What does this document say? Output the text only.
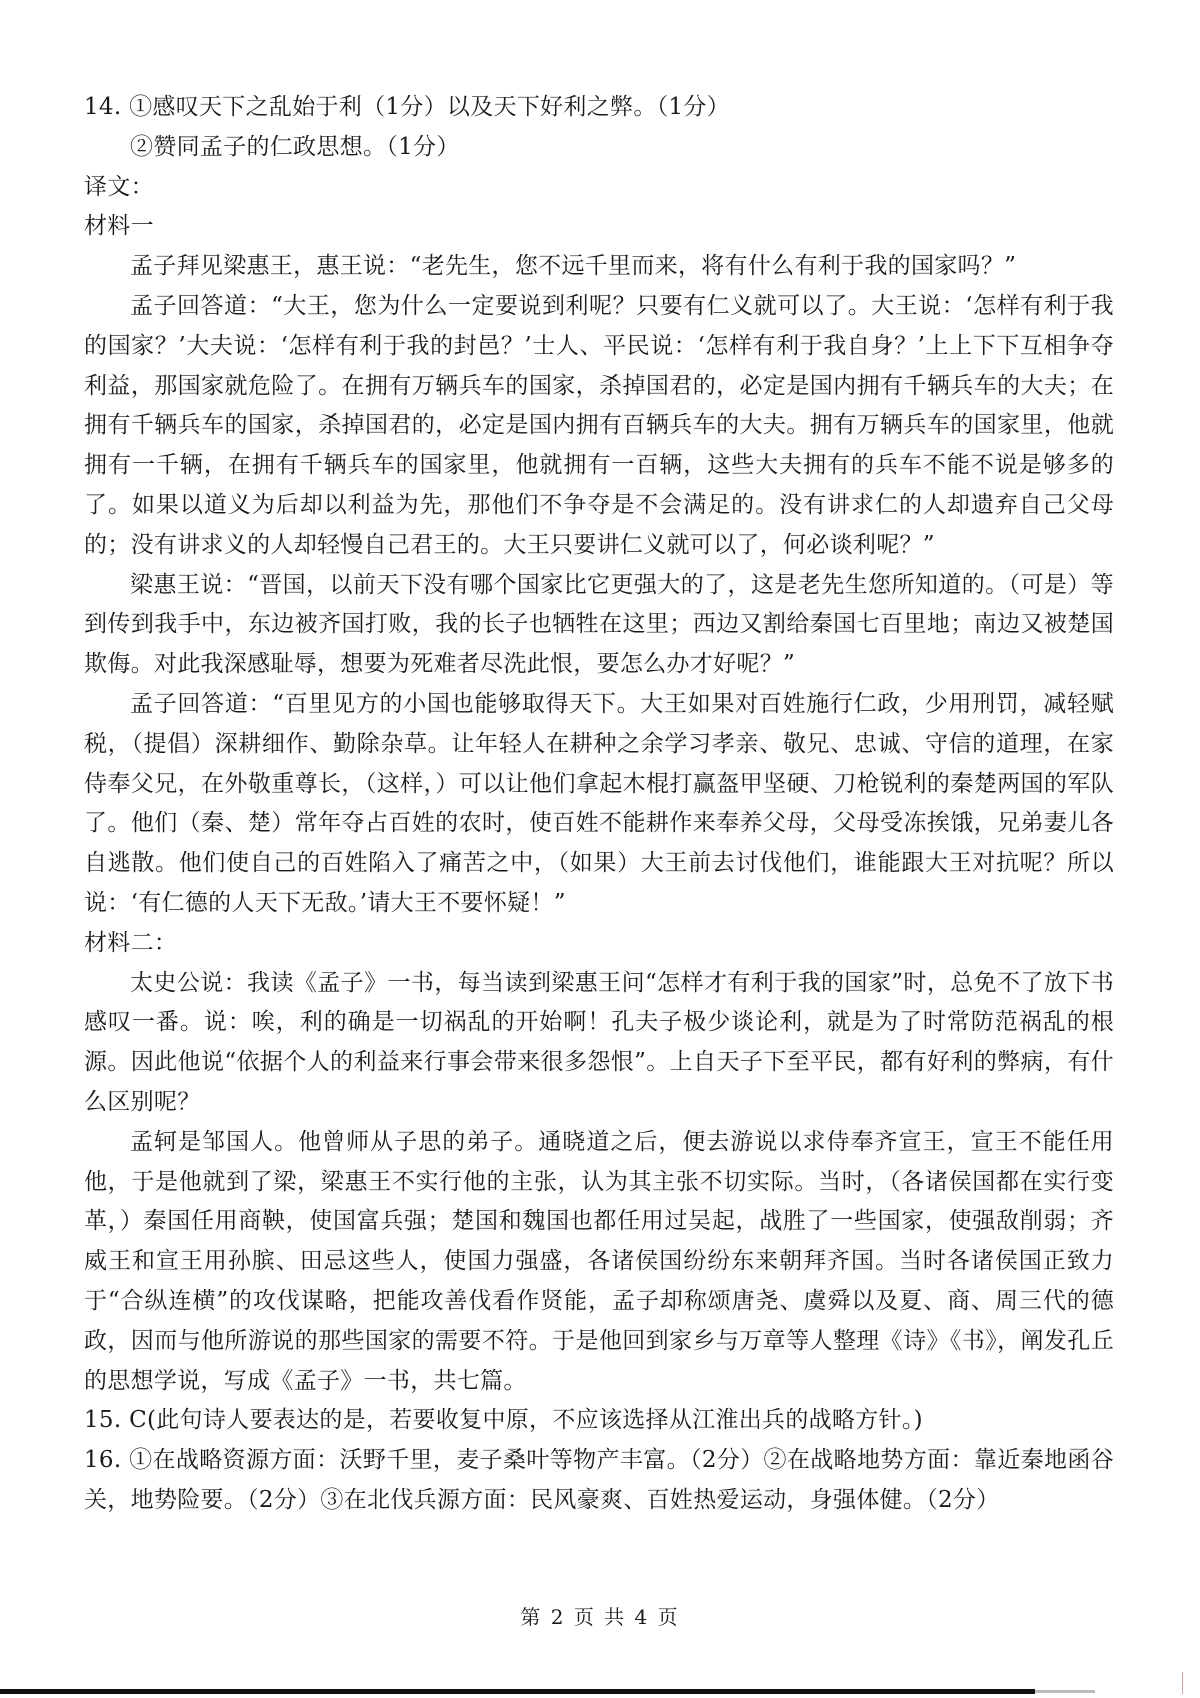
14. ①感叹天下之乱始于利（1分）以及天下好利之弊。（1分）
②赞同孟子的仁政思想。（1分）
译文：
材料一
孟子拜见梁惠王，惠王说：“老先生，您不远千里而来，将有什么有利于我的国家吗？”
孟子回答道：“大王，您为什么一定要说到利呢？只要有仁义就可以了。大王说：‘怎样有利于我的国家？’大夫说：‘怎样有利于我的封邑？’士人、平民说：‘怎样有利于我自身？’上上下下互相争夺利益，那国家就危险了。在拥有万辆兵车的国家，杀掉国君的，必定是国内拥有千辆兵车的大夫；在拥有千辆兵车的国家，杀掉国君的，必定是国内拥有百辆兵车的大夫。拥有万辆兵车的国家里，他就拥有一千辆，在拥有千辆兵车的国家里，他就拥有一百辆，这些大夫拥有的兵车不能不说是够多的了。如果以道义为后却以利益为先，那他们不争夺是不会满足的。没有讲求仁的人却遗弃自己父母的；没有讲求义的人却轻慢自己君王的。大王只要讲仁义就可以了，何必谈利呢？”
梁惠王说：“晋国，以前天下没有哪个国家比它更强大的了，这是老先生您所知道的。（可是）等到传到我手中，东边被齐国打败，我的长子也牺牲在这里；西边又割给秦国七百里地；南边又被楚国欺侮。对此我深感耻辱，想要为死难者尽洗此恨，要怎么办才好呢？”
孟子回答道：“百里见方的小国也能够取得天下。大王如果对百姓施行仁政，少用刑罚，减轻赋税，（提倡）深耕细作、勤除杂草。让年轻人在耕种之余学习孝亲、敬兄、忠诚、守信的道理，在家侍奉父兄，在外敬重尊长，（这样，）可以让他们拿起木棍打赢盔甲坚硬、刀枪锐利的秦楚两国的军队了。他们（秦、楚）常年夺占百姓的农时，使百姓不能耕作来奉养父母，父母受冻挨饿，兄弟妻儿各自逃散。他们使自己的百姓陷入了痛苦之中，（如果）大王前去讨伐他们，谁能跟大王对抗呢？所以说：‘有仁德的人天下无敌。’请大王不要怀疑！”
材料二：
太史公说：我读《孟子》一书，每当读到梁惠王问“怎样才有利于我的国家”时，总免不了放下书感叹一番。说：唉，利的确是一切祸乱的开始啊！孔夫子极少谈论利，就是为了时常防范祸乱的根源。因此他说“依据个人的利益来行事会带来很多怨恨”。上自天子下至平民，都有好利的弊病，有什么区别呢？
孟轲是邹国人。他曾师从子思的弟子。通晓道之后，便去游说以求侍奉齐宣王，宣王不能任用他，于是他就到了梁，梁惠王不实行他的主张，认为其主张不切实际。当时，（各诸侯国都在实行变革，）秦国任用商鞅，使国富兵强；楚国和魏国也都任用过吴起，战胜了一些国家，使强敌削弱；齐威王和宣王用孙膑、田忌这些人，使国力强盛，各诸侯国纷纷东来朝拜齐国。当时各诸侯国正致力于“合纵连横”的攻伐谋略，把能攻善伐看作贤能，孟子却称颂唐尧、虞舜以及夏、商、周三代的德政，因而与他所游说的那些国家的需要不符。于是他回到家乡与万章等人整理《诗》《书》，阐发孔丘的思想学说，写成《孟子》一书，共七篇。
15. C(此句诗人要表达的是，若要收复中原，不应该选择从江淮出兵的战略方针。)
16. ①在战略资源方面：沃野千里，麦子桑叶等物产丰富。（2分）②在战略地势方面：靠近秦地函谷关，地势险要。（2分）③在北伐兵源方面：民风豪爽、百姓热爱运动，身强体健。（2分）
第 2 页 共 4 页
